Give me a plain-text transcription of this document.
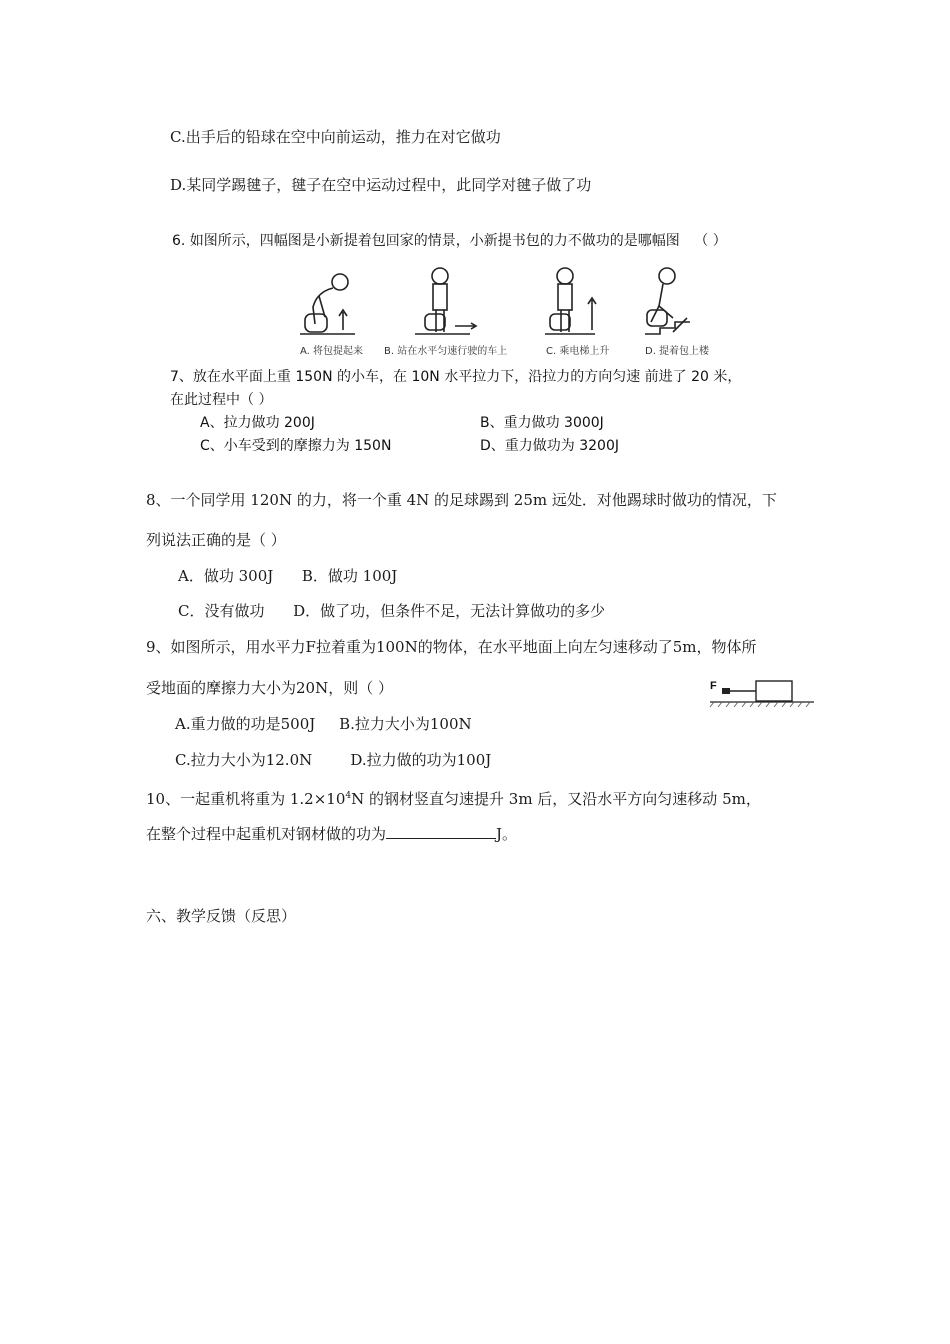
C.出手后的铅球在空中向前运动，推力在对它做功
D.某同学踢毽子，毽子在空中运动过程中，此同学对毽子做了功
6. 如图所示，四幅图是小新提着包回家的情景，小新提书包的力不做功的是哪幅图 （ ）
A. 将包提起来 B. 站在水平匀速行驶的车上	C. 乘电梯上升	D. 提着包上楼
7、放在水平面上重 150N 的小车，在 10N 水平拉力下，沿拉力的方向匀速 前进了 20 米，
在此过程中（ ）
A、拉力做功 200J	B、重力做功 3000J
C、小车受到的摩擦力为 150N	D、重力做功为 3200J
8、一个同学用 120N 的力，将一个重 4N 的足球踢到 25m 远处．对他踢球时做功的情况，下
列说法正确的是（ ）
A．做功 300J      B．做功 100J
C．没有做功      D．做了功，但条件不足，无法计算做功的多少
9、如图所示，用水平力F拉着重为100N的物体，在水平地面上向左匀速移动了5m，物体所
受地面的摩擦力大小为20N，则（ ）
A.重力做的功是500J     B.拉力大小为100N
C.拉力大小为12.0N        D.拉力做的功为100J
F
10、一起重机将重为 $1.2\times 10^4N$ 的钢材竖直匀速提升 3m 后，又沿水平方向匀速移动 5m，
在整个过程中起重机对钢材做的功为	J。
六、教学反馈（反思）
